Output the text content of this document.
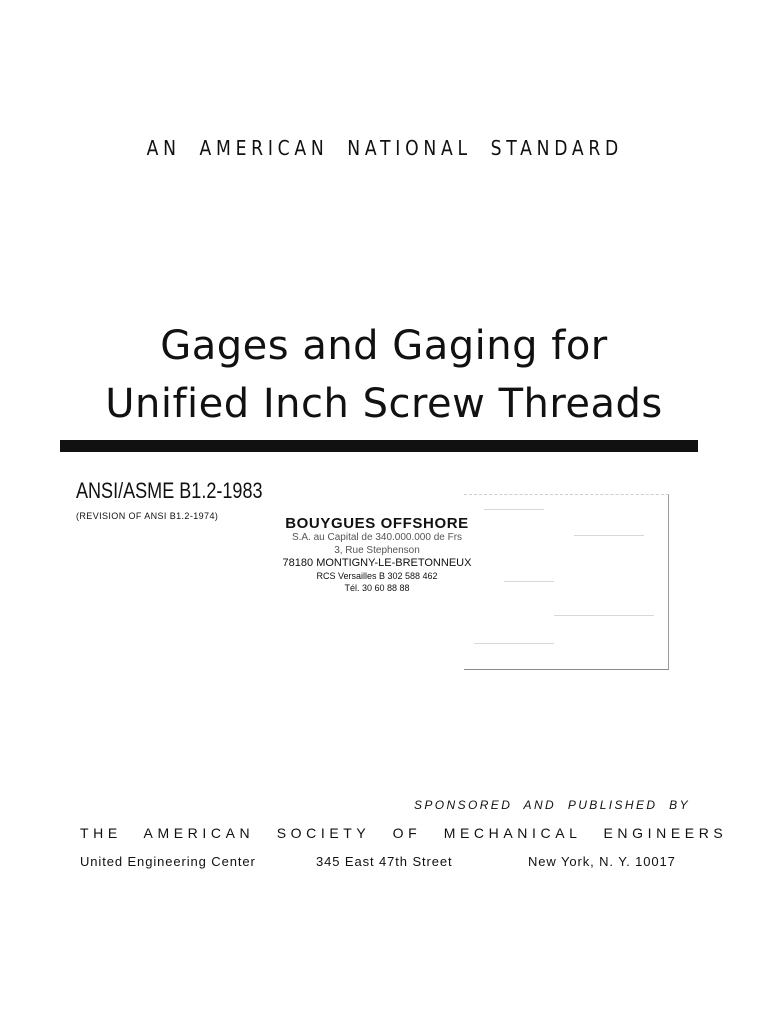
AN AMERICAN NATIONAL STANDARD
Gages and Gaging for
Unified Inch Screw Threads
ANSI/ASME B1.2-1983
(REVISION OF ANSI B1.2-1974)	BOUYGUES OFFSHORE
S.A. au Capital de 340.000.000 de Frs
3, Rue Stephenson
78180 MONTIGNY-LE-BRETONNEUX
RCS Versailles B 302 588 462
Tél. 30 60 88 88
SPONSORED AND PUBLISHED BY
THE AMERICAN SOCIETY OF MECHANICAL ENGINEERS
United Engineering Center	345 East 47th Street	New York, N. Y. 10017
